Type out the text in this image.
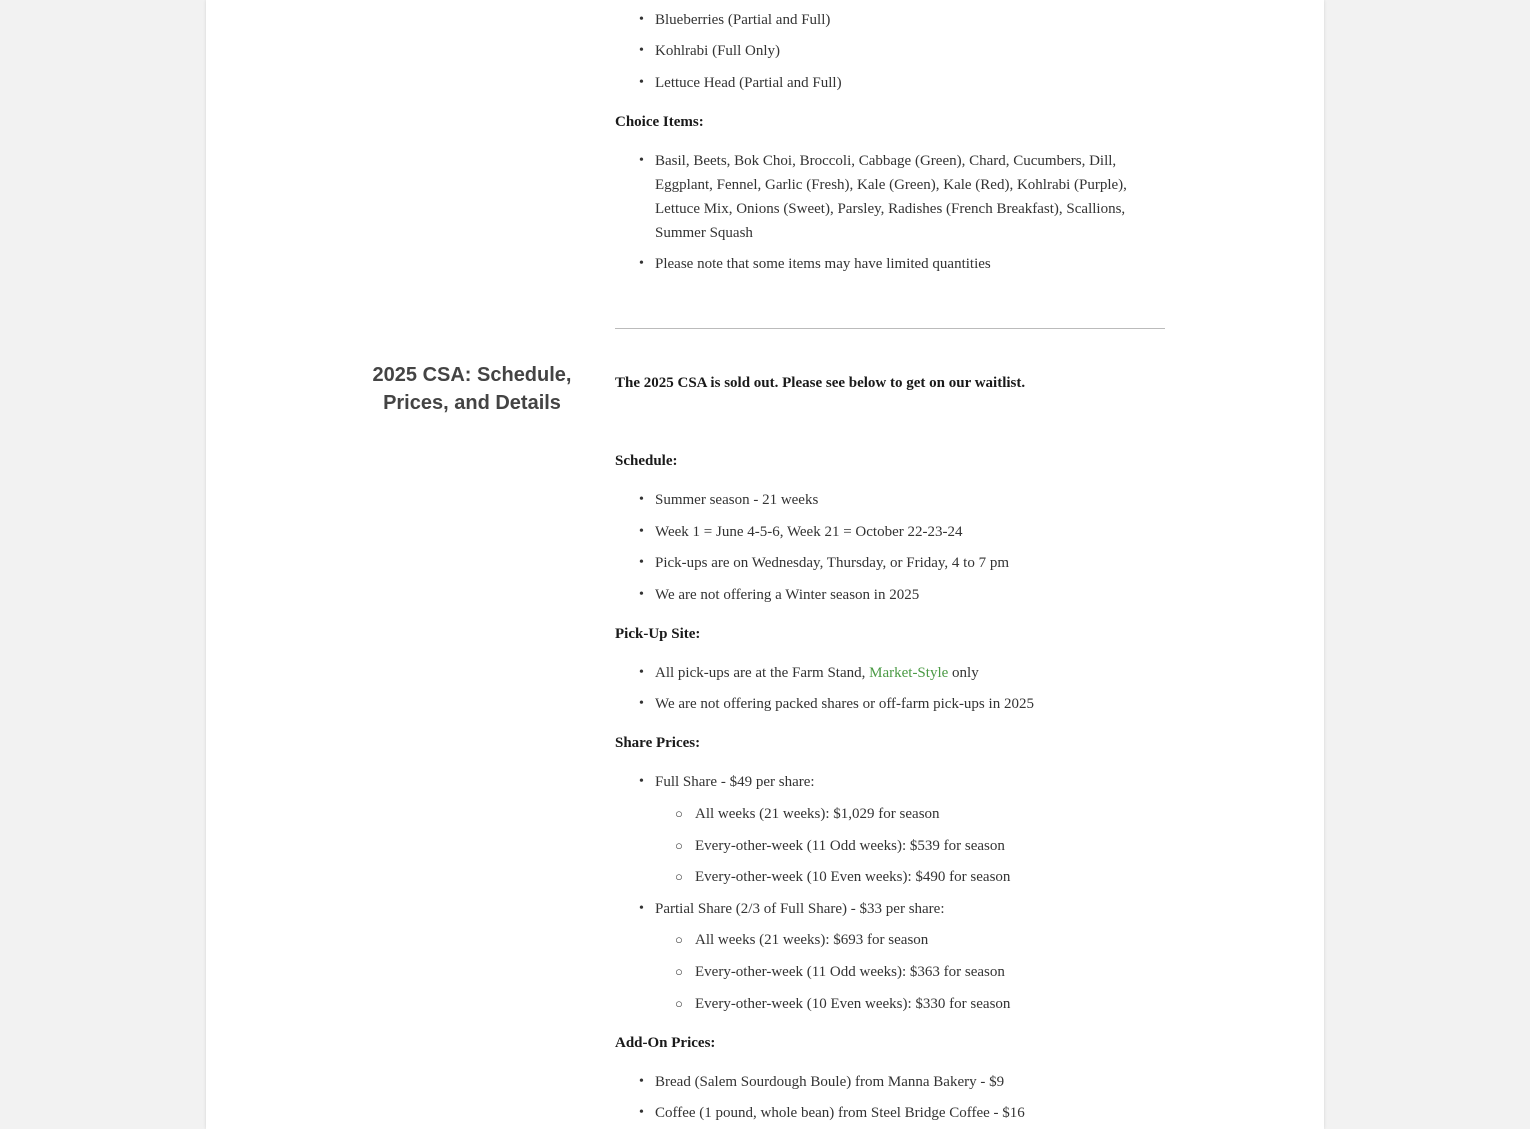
• Blueberries (Partial and Full)
• Kohlrabi (Full Only)
• Lettuce Head (Partial and Full)

Choice Items:

• Basil, Beets, Bok Choi, Broccoli, Cabbage (Green), Chard, Cucumbers, Dill, Eggplant, Fennel, Garlic (Fresh), Kale (Green), Kale (Red), Kohlrabi (Purple), Lettuce Mix, Onions (Sweet), Parsley, Radishes (French Breakfast), Scallions, Summer Squash
• Please note that some items may have limited quantities
2025 CSA: Schedule, Prices, and Details

The 2025 CSA is sold out. Please see below to get on our waitlist.

Schedule:

• Summer season - 21 weeks
• Week 1 = June 4-5-6, Week 21 = October 22-23-24
• Pick-ups are on Wednesday, Thursday, or Friday, 4 to 7 pm
• We are not offering a Winter season in 2025

Pick-Up Site:

• All pick-ups are at the Farm Stand, Market-Style only
• We are not offering packed shares or off-farm pick-ups in 2025

Share Prices:

• Full Share - $49 per share:
○ All weeks (21 weeks): $1,029 for season
○ Every-other-week (11 Odd weeks): $539 for season
○ Every-other-week (10 Even weeks): $490 for season
• Partial Share (2/3 of Full Share) - $33 per share:
○ All weeks (21 weeks): $693 for season
○ Every-other-week (11 Odd weeks): $363 for season
○ Every-other-week (10 Even weeks): $330 for season

Add-On Prices:

• Bread (Salem Sourdough Boule) from Manna Bakery - $9
• Coffee (1 pound, whole bean) from Steel Bridge Coffee - $16
